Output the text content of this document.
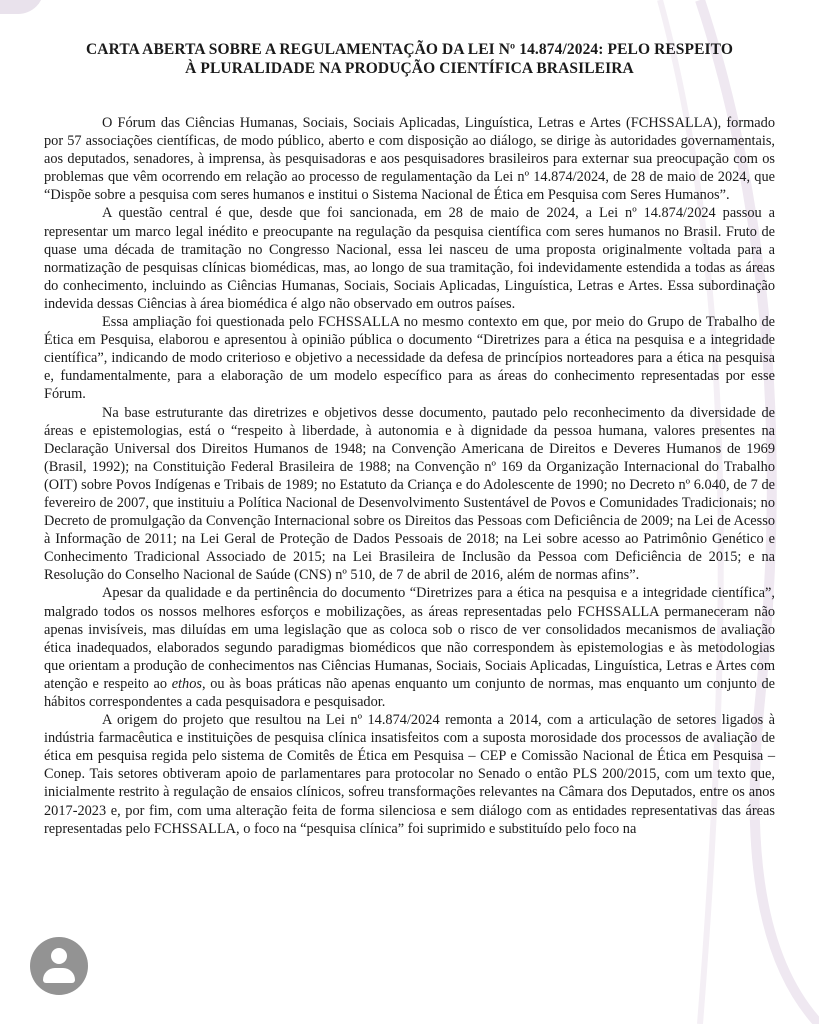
CARTA ABERTA SOBRE A REGULAMENTAÇÃO DA LEI Nº 14.874/2024: PELO RESPEITO
À PLURALIDADE NA PRODUÇÃO CIENTÍFICA BRASILEIRA

O Fórum das Ciências Humanas, Sociais, Sociais Aplicadas, Linguística, Letras e Artes (FCHSSALLA), formado por 57 associações científicas, de modo público, aberto e com disposição ao diálogo, se dirige às autoridades governamentais, aos deputados, senadores, à imprensa, às pesquisadoras e aos pesquisadores brasileiros para externar sua preocupação com os problemas que vêm ocorrendo em relação ao processo de regulamentação da Lei nº 14.874/2024, de 28 de maio de 2024, que “Dispõe sobre a pesquisa com seres humanos e institui o Sistema Nacional de Ética em Pesquisa com Seres Humanos”.

A questão central é que, desde que foi sancionada, em 28 de maio de 2024, a Lei nº 14.874/2024 passou a representar um marco legal inédito e preocupante na regulação da pesquisa científica com seres humanos no Brasil. Fruto de quase uma década de tramitação no Congresso Nacional, essa lei nasceu de uma proposta originalmente voltada para a normatização de pesquisas clínicas biomédicas, mas, ao longo de sua tramitação, foi indevidamente estendida a todas as áreas do conhecimento, incluindo as Ciências Humanas, Sociais, Sociais Aplicadas, Linguística, Letras e Artes. Essa subordinação indevida dessas Ciências à área biomédica é algo não observado em outros países.

Essa ampliação foi questionada pelo FCHSSALLA no mesmo contexto em que, por meio do Grupo de Trabalho de Ética em Pesquisa, elaborou e apresentou à opinião pública o documento “Diretrizes para a ética na pesquisa e a integridade científica”, indicando de modo criterioso e objetivo a necessidade da defesa de princípios norteadores para a ética na pesquisa e, fundamentalmente, para a elaboração de um modelo específico para as áreas do conhecimento representadas por esse Fórum.

Na base estruturante das diretrizes e objetivos desse documento, pautado pelo reconhecimento da diversidade de áreas e epistemologias, está o “respeito à liberdade, à autonomia e à dignidade da pessoa humana, valores presentes na Declaração Universal dos Direitos Humanos de 1948; na Convenção Americana de Direitos e Deveres Humanos de 1969 (Brasil, 1992); na Constituição Federal Brasileira de 1988; na Convenção nº 169 da Organização Internacional do Trabalho (OIT) sobre Povos Indígenas e Tribais de 1989; no Estatuto da Criança e do Adolescente de 1990; no Decreto nº 6.040, de 7 de fevereiro de 2007, que instituiu a Política Nacional de Desenvolvimento Sustentável de Povos e Comunidades Tradicionais; no Decreto de promulgação da Convenção Internacional sobre os Direitos das Pessoas com Deficiência de 2009; na Lei de Acesso à Informação de 2011; na Lei Geral de Proteção de Dados Pessoais de 2018; na Lei sobre acesso ao Patrimônio Genético e Conhecimento Tradicional Associado de 2015; na Lei Brasileira de Inclusão da Pessoa com Deficiência de 2015; e na Resolução do Conselho Nacional de Saúde (CNS) nº 510, de 7 de abril de 2016, além de normas afins”.

Apesar da qualidade e da pertinência do documento “Diretrizes para a ética na pesquisa e a integridade científica”, malgrado todos os nossos melhores esforços e mobilizações, as áreas representadas pelo FCHSSALLA permaneceram não apenas invisíveis, mas diluídas em uma legislação que as coloca sob o risco de ver consolidados mecanismos de avaliação ética inadequados, elaborados segundo paradigmas biomédicos que não correspondem às epistemologias e às metodologias que orientam a produção de conhecimentos nas Ciências Humanas, Sociais, Sociais Aplicadas, Linguística, Letras e Artes com atenção e respeito ao ethos, ou às boas práticas não apenas enquanto um conjunto de normas, mas enquanto um conjunto de hábitos correspondentes a cada pesquisadora e pesquisador.

A origem do projeto que resultou na Lei nº 14.874/2024 remonta a 2014, com a articulação de setores ligados à indústria farmacêutica e instituições de pesquisa clínica insatisfeitos com a suposta morosidade dos processos de avaliação de ética em pesquisa regida pelo sistema de Comitês de Ética em Pesquisa – CEP e Comissão Nacional de Ética em Pesquisa – Conep. Tais setores obtiveram apoio de parlamentares para protocolar no Senado o então PLS 200/2015, com um texto que, inicialmente restrito à regulação de ensaios clínicos, sofreu transformações relevantes na Câmara dos Deputados, entre os anos 2017-2023 e, por fim, com uma alteração feita de forma silenciosa e sem diálogo com as entidades representativas das áreas representadas pelo FCHSSALLA, o foco na “pesquisa clínica” foi suprimido e substituído pelo foco na
